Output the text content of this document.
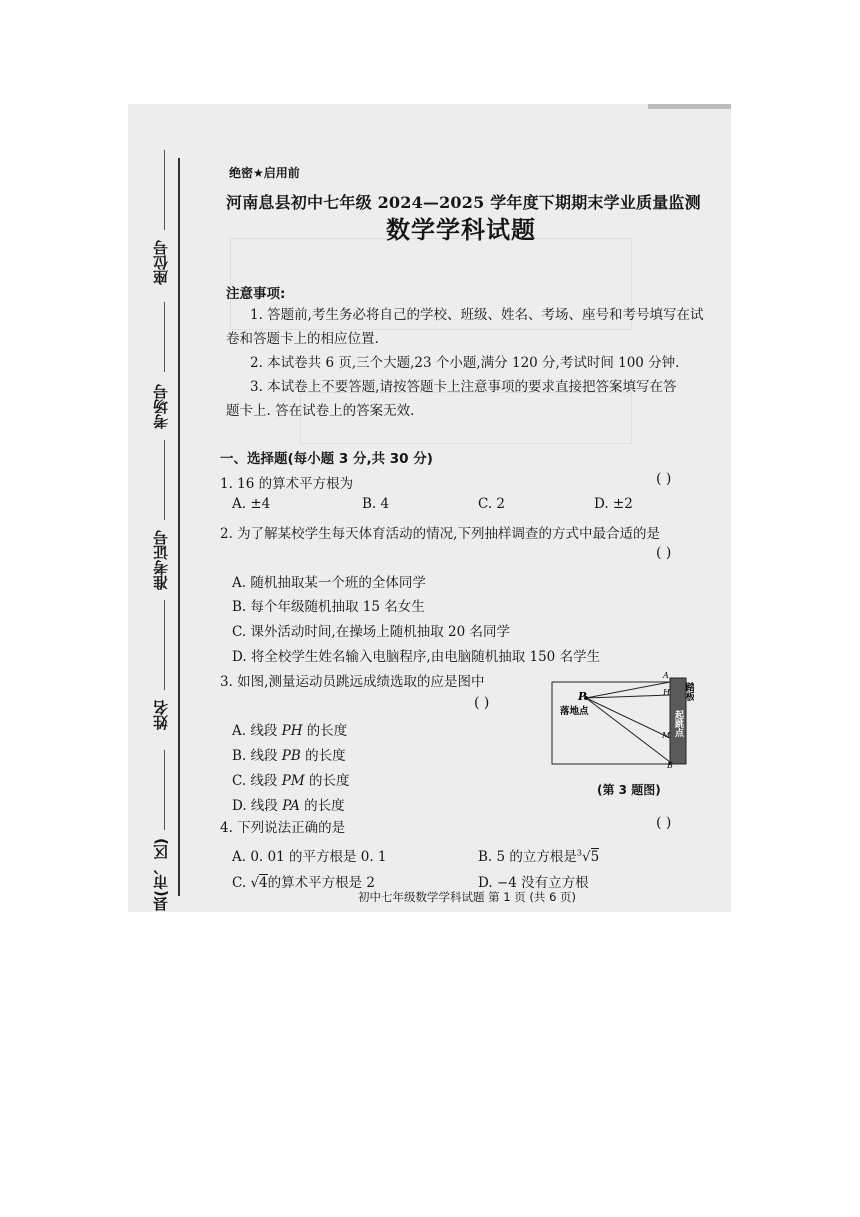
座位号
考场号
准考证号
姓名
县(市、区)
绝密★启用前
河南息县初中七年级 2024—2025 学年度下期期末学业质量监测
数学学科试题
注意事项:
1. 答题前,考生务必将自己的学校、班级、姓名、考场、座号和考号填写在试
卷和答题卡上的相应位置.
2. 本试卷共 6 页,三个大题,23 个小题,满分 120 分,考试时间 100 分钟.
3. 本试卷上不要答题,请按答题卡上注意事项的要求直接把答案填写在答
题卡上. 答在试卷上的答案无效.
一、选择题(每小题 3 分,共 30 分)
1. 16 的算术平方根为	( )
A. ±4	B. 4	C. 2	D. ±2
2. 为了解某校学生每天体育活动的情况,下列抽样调查的方式中最合适的是
( )
A. 随机抽取某一个班的全体同学
B. 每个年级随机抽取 15 名女生
C. 课外活动时间,在操场上随机抽取 20 名同学
D. 将全校学生姓名输入电脑程序,由电脑随机抽取 150 名学生
3. 如图,测量运动员跳远成绩选取的应是图中
( )
A. 线段 PH 的长度
B. 线段 PB 的长度
C. 线段 PM 的长度
D. 线段 PA 的长度
P
A
H
M
B
落地点
踏板
起跳点
(第 3 题图)
4. 下列说法正确的是	( )
A. 0. 01 的平方根是 0. 1	B. 5 的立方根是$^3$√5
C. √4的算术平方根是 2	D. −4 没有立方根
初中七年级数学学科试题 第 1 页 (共 6 页)
